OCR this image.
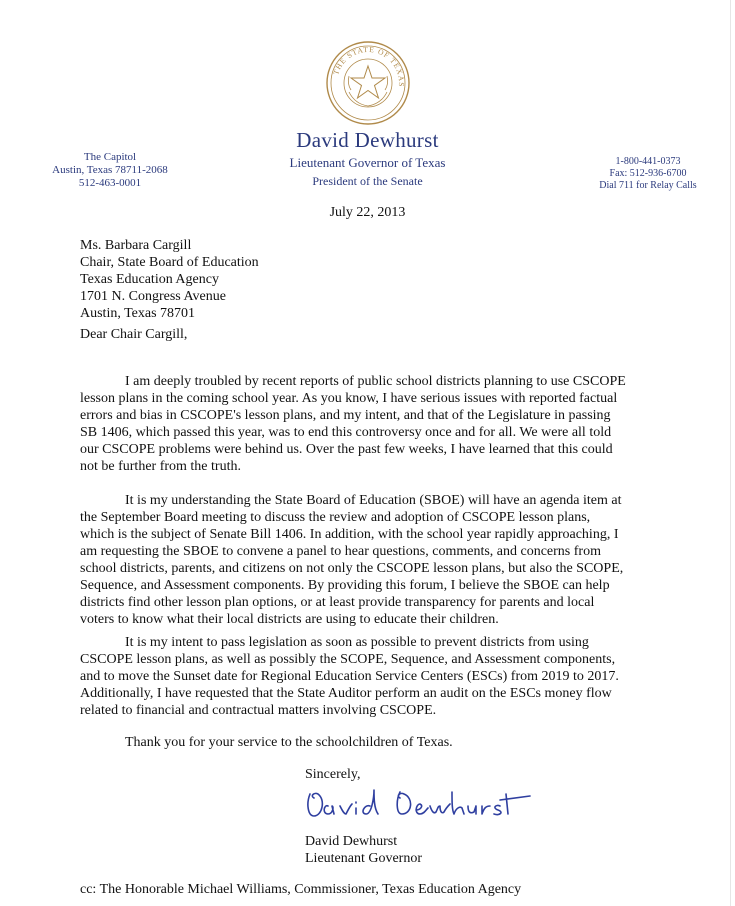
THE STATE OF TEXAS
David Dewhurst
Lieutenant Governor of Texas
President of the Senate
The Capitol
Austin, Texas 78711-2068
512-463-0001
1-800-441-0373
Fax: 512-936-6700
Dial 711 for Relay Calls
July 22, 2013
Ms. Barbara Cargill
Chair, State Board of Education
Texas Education Agency
1701 N. Congress Avenue
Austin, Texas 78701
Dear Chair Cargill,
I am deeply troubled by recent reports of public school districts planning to use CSCOPE
lesson plans in the coming school year. As you know, I have serious issues with reported factual
errors and bias in CSCOPE's lesson plans, and my intent, and that of the Legislature in passing
SB 1406, which passed this year, was to end this controversy once and for all. We were all told
our CSCOPE problems were behind us. Over the past few weeks, I have learned that this could
not be further from the truth.
It is my understanding the State Board of Education (SBOE) will have an agenda item at
the September Board meeting to discuss the review and adoption of CSCOPE lesson plans,
which is the subject of Senate Bill 1406. In addition, with the school year rapidly approaching, I
am requesting the SBOE to convene a panel to hear questions, comments, and concerns from
school districts, parents, and citizens on not only the CSCOPE lesson plans, but also the SCOPE,
Sequence, and Assessment components. By providing this forum, I believe the SBOE can help
districts find other lesson plan options, or at least provide transparency for parents and local
voters to know what their local districts are using to educate their children.
It is my intent to pass legislation as soon as possible to prevent districts from using
CSCOPE lesson plans, as well as possibly the SCOPE, Sequence, and Assessment components,
and to move the Sunset date for Regional Education Service Centers (ESCs) from 2019 to 2017.
Additionally, I have requested that the State Auditor perform an audit on the ESCs money flow
related to financial and contractual matters involving CSCOPE.
Thank you for your service to the schoolchildren of Texas.
Sincerely,
David Dewhurst
Lieutenant Governor
cc: The Honorable Michael Williams, Commissioner, Texas Education Agency
